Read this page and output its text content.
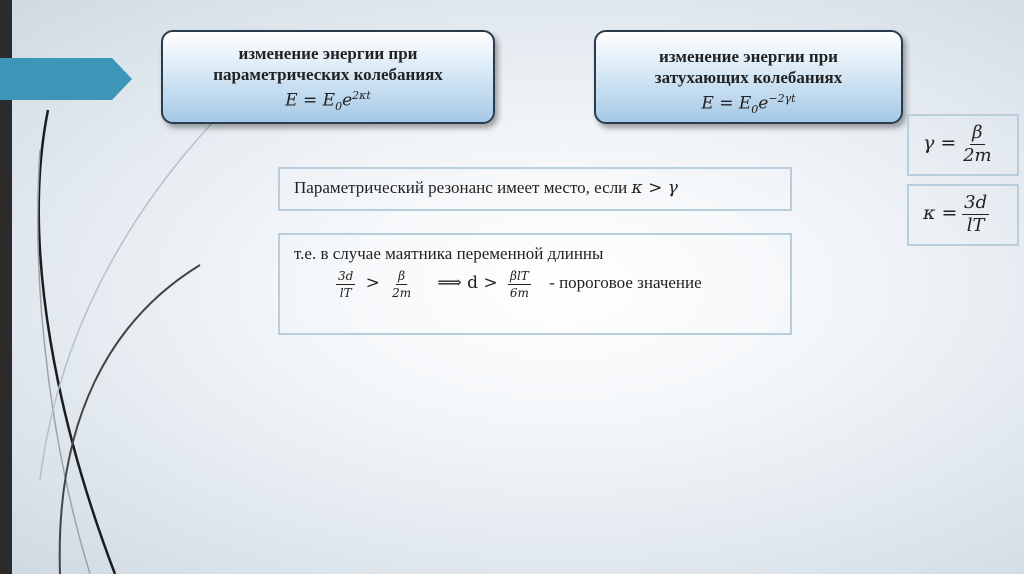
изменение энергии при
параметрических колебаниях
$E = E_0e^{2\kappa t}$
изменение энергии при
затухающих колебаниях
$E = E_0e^{-2\gamma t}$
Параметрический резонанс имеет место, если κ > γ
т.е. в случае маятника переменной длинны
$\frac{3d}{lT} > \frac{\beta}{2m}$ ⟹ $d > \frac{\text{βlT}}{6m}$ - пороговое значение
$\gamma = \frac{\beta}{2m}$
$\kappa = \frac{3d}{lT}$
